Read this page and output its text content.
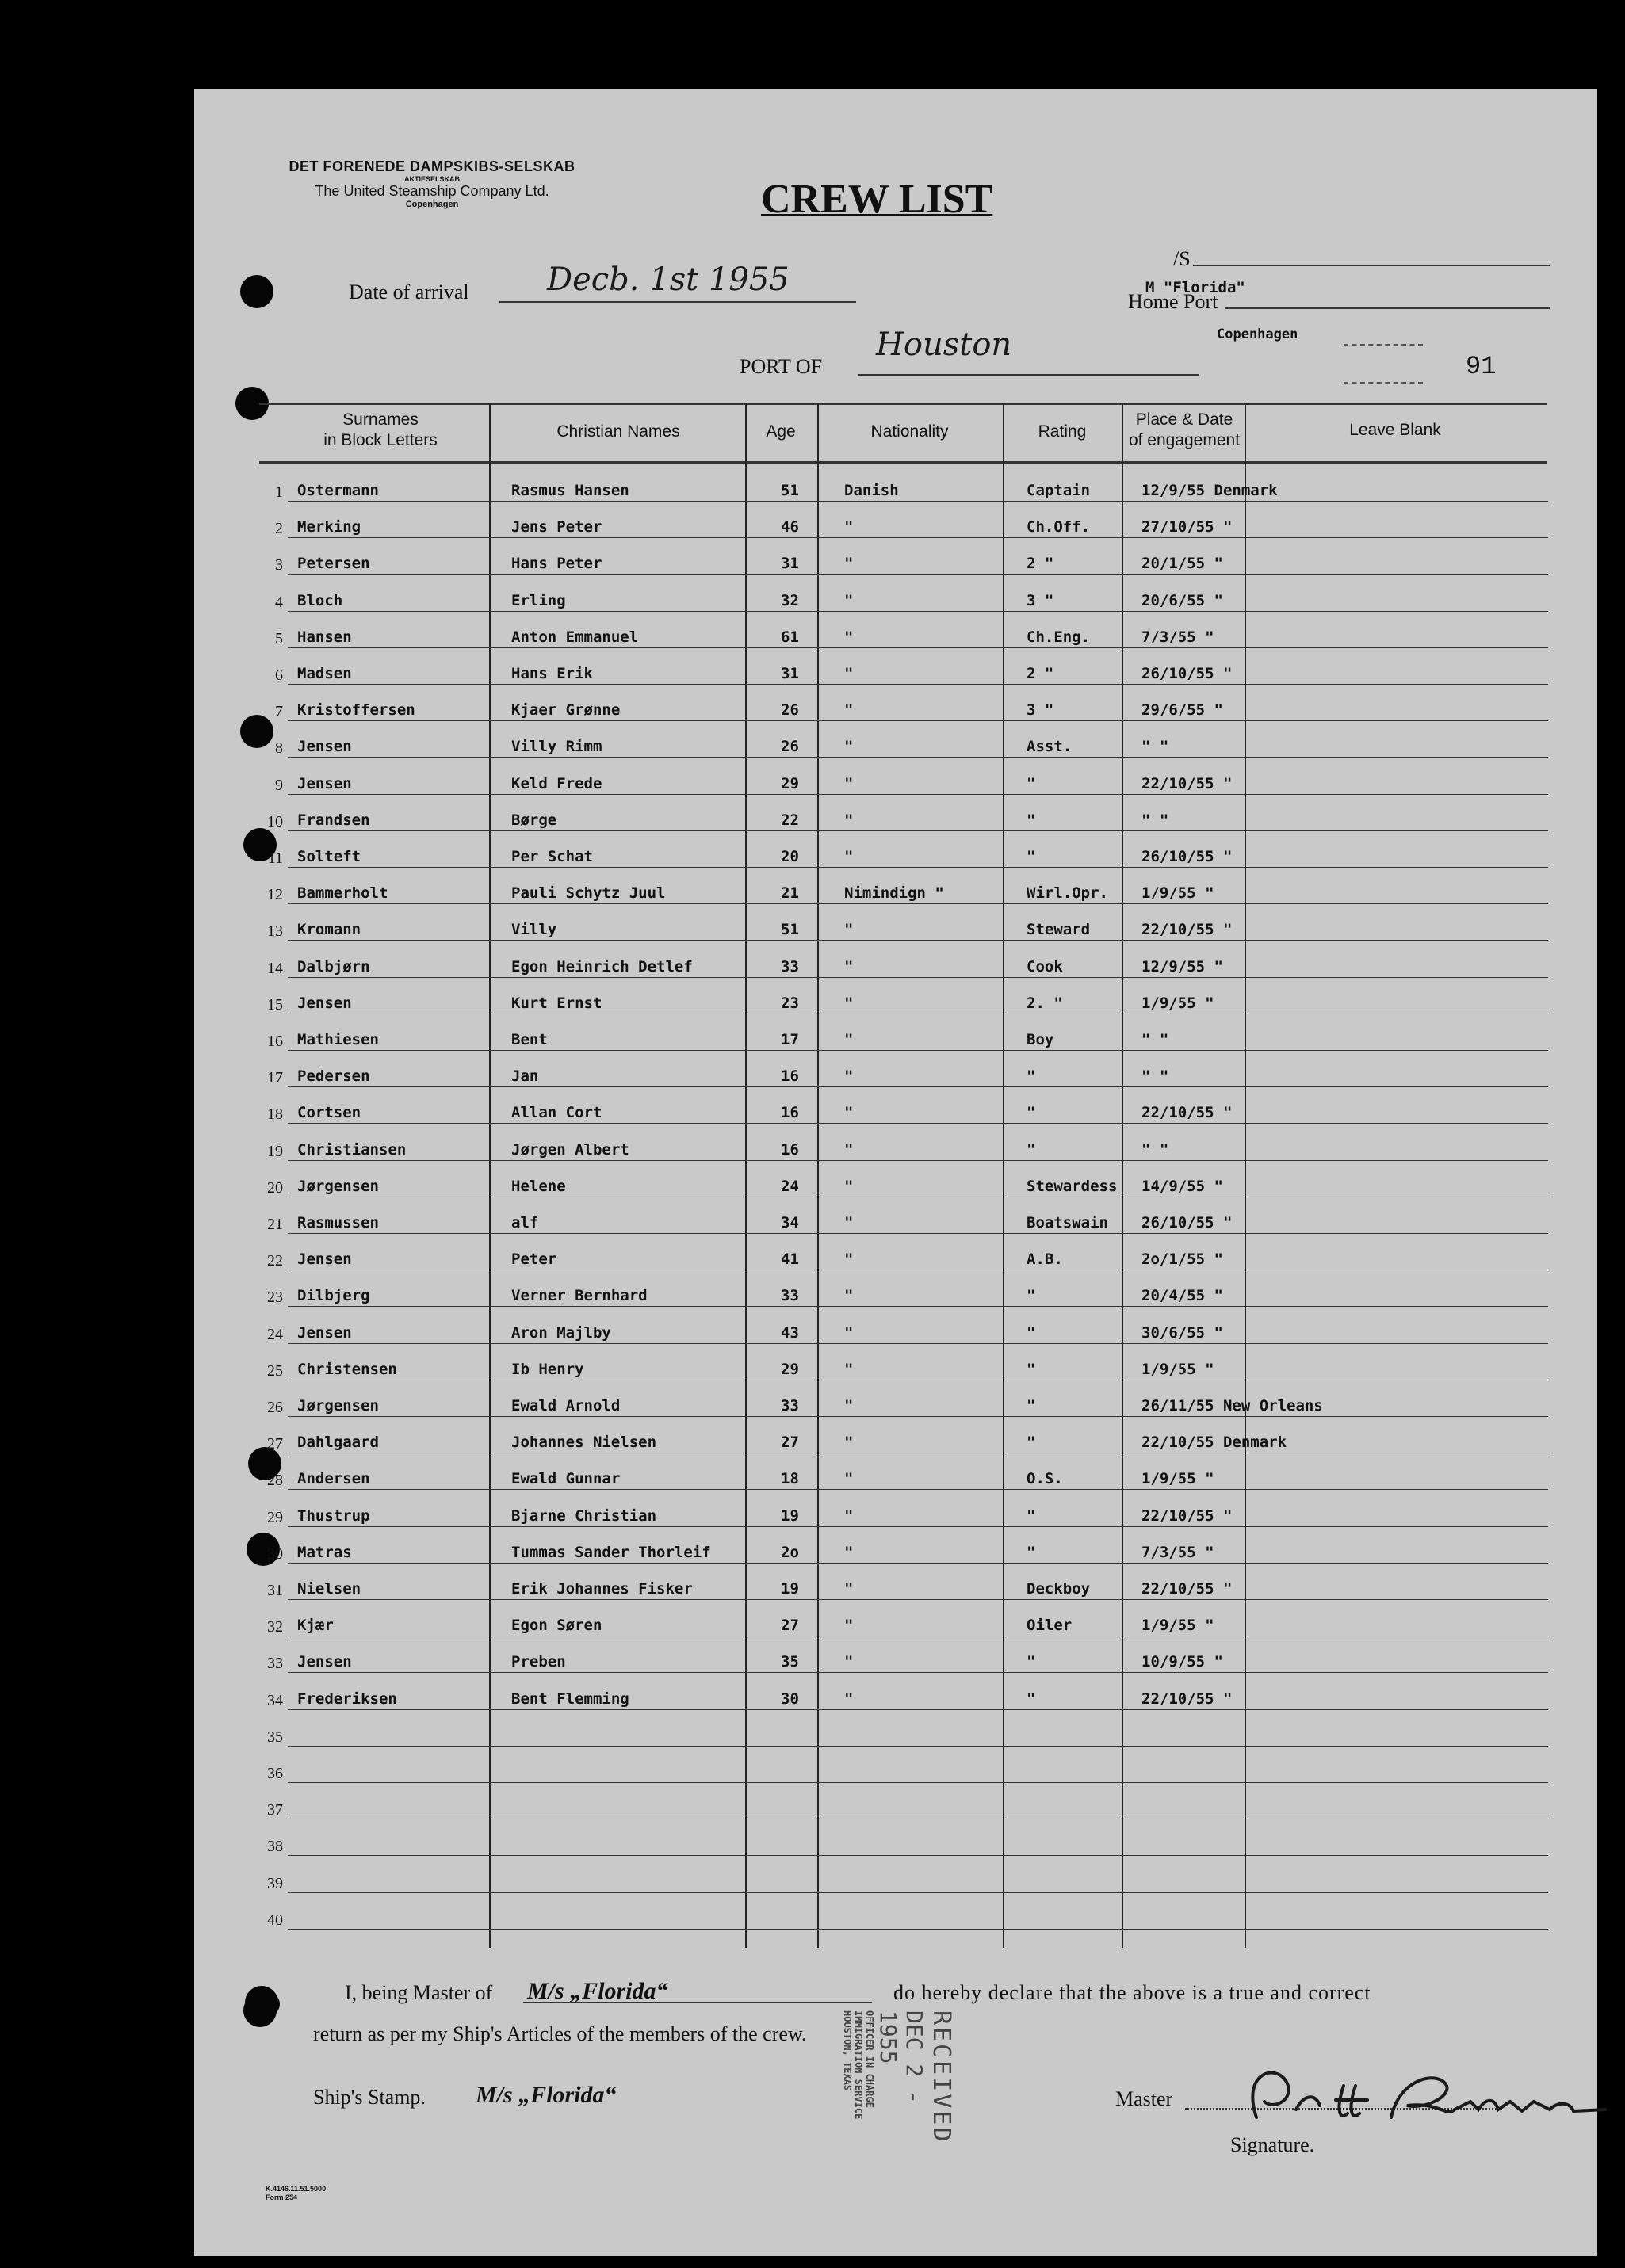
DET FORENEDE DAMPSKIBS-SELSKAB
AKTIESELSKAB
The United Steamship Company Ltd.
Copenhagen	CREW LIST
Date of arrival Decb. 1st 1955
/S
M "Florida"
Home Port
Copenhagen
91
PORT OF
Houston
Surnames
in Block Letters	Christian Names	Age	Nationality	Rating
Place & Date
of engagement
Leave Blank
1 Ostermann	Rasmus Hansen	51	Danish	Captain	12/9/55 Denmark
2 Merking	Jens Peter	46	"	Ch.Off.	27/10/55 "
3 Petersen	Hans Peter	31	"	2 "	20/1/55 "
4 Bloch	Erling	32	"	3 "	20/6/55 "
5 Hansen	Anton Emmanuel	61	"	Ch.Eng.	7/3/55 "
6 Madsen	Hans Erik	31	"	2 "	26/10/55 "
7 Kristoffersen	Kjaer Grønne	26	"	3 "	29/6/55 "
8 Jensen	Villy Rimm	26	"	Asst.	" "
9 Jensen	Keld Frede	29	"	"	22/10/55 "
10 Frandsen	Børge	22	"	"	" "
11 Solteft	Per Schat	20	"	"	26/10/55 "
12 Bammerholt	Pauli Schytz Juul	21	Nimindign "	Wirl.Opr. 1/9/55 "
13 Kromann	Villy	51	"	Steward	22/10/55 "
14 Dalbjørn	Egon Heinrich Detlef	33	"	Cook	12/9/55 "
15 Jensen	Kurt Ernst	23	"	2. "	1/9/55 "
16 Mathiesen	Bent	17	"	Boy	" "
17 Pedersen	Jan	16	"	"	" "
18 Cortsen	Allan Cort	16	"	"	22/10/55 "
19 Christiansen	Jørgen Albert	16	"	"	" "
20 Jørgensen	Helene	24	"	Stewardess 14/9/55 "
21 Rasmussen	alf	34	"	Boatswain 26/10/55 "
22 Jensen	Peter	41	"	A.B.	2o/1/55 "
23 Dilbjerg	Verner Bernhard	33	"	"	20/4/55 "
24 Jensen	Aron Majlby	43	"	"	30/6/55 "
25 Christensen	Ib Henry	29	"	"	1/9/55 "
26 Jørgensen	Ewald Arnold	33	"	"	26/11/55 New Orleans
27 Dahlgaard	Johannes Nielsen	27	"	"	22/10/55 Denmark
28 Andersen	Ewald Gunnar	18	"	O.S.	1/9/55 "
29 Thustrup	Bjarne Christian	19	"	"	22/10/55 "
30 Matras	Tummas Sander Thorleif	2o	"	"	7/3/55 "
31 Nielsen	Erik Johannes Fisker	19	"	Deckboy	22/10/55 "
32 Kjær	Egon Søren	27	"	Oiler	1/9/55 "
33 Jensen	Preben	35	"	"	10/9/55 "
34 Frederiksen	Bent Flemming	30	"	"	22/10/55 "
35
36
37
38
39
40
I, being Master of M/s „Florida“	do hereby declare that the above is a true and correct
return as per my Ship's Articles of the members of the crew.
Ship's Stamp. M/s „Florida“	RECEIVED
DEC 2 - 1955
OFFICER IN CHARGE IMMIGRATION SERVICE HOUSTON, TEXAS
Master
Signature.
K.4146.11.51.5000
Form 254
